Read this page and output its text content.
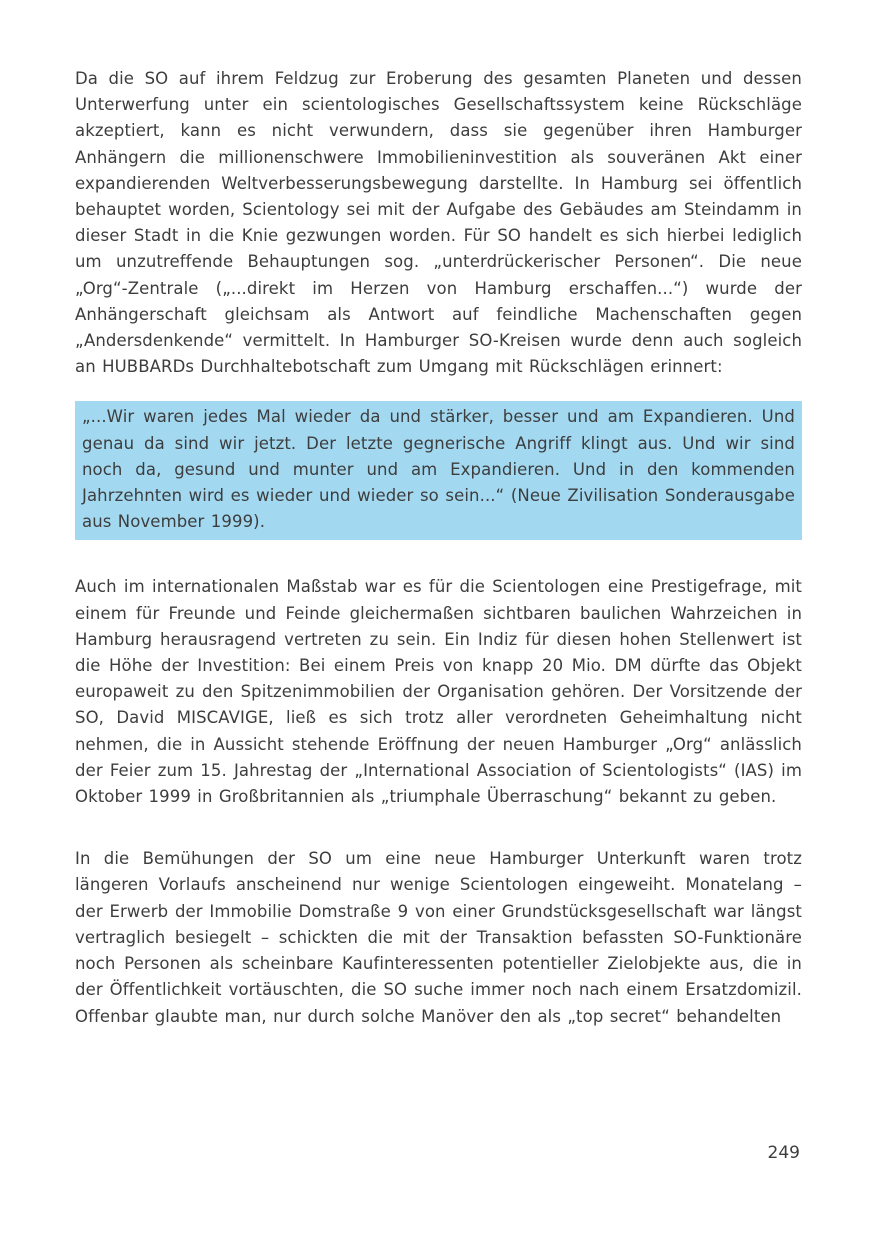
Da die SO auf ihrem Feldzug zur Eroberung des gesamten Planeten und dessen Unterwerfung unter ein scientologisches Gesellschaftssystem keine Rückschläge akzeptiert, kann es nicht verwundern, dass sie gegenüber ihren Hamburger Anhängern die millionenschwere Immobilieninvestition als souveränen Akt einer expandierenden Weltverbesserungsbewegung darstellte. In Hamburg sei öffentlich behauptet worden, Scientology sei mit der Aufgabe des Gebäudes am Steindamm in dieser Stadt in die Knie gezwungen worden. Für SO handelt es sich hierbei lediglich um unzutreffende Behauptungen sog. „unterdrückerischer Personen“. Die neue „Org“-Zentrale („...direkt im Herzen von Hamburg erschaffen...“) wurde der Anhängerschaft gleichsam als Antwort auf feindliche Machenschaften gegen „Andersdenkende“ vermittelt. In Hamburger SO-Kreisen wurde denn auch sogleich an HUBBARDs Durchhaltebotschaft zum Umgang mit Rückschlägen erinnert:

„...Wir waren jedes Mal wieder da und stärker, besser und am Expandieren. Und genau da sind wir jetzt. Der letzte gegnerische Angriff klingt aus. Und wir sind noch da, gesund und munter und am Expandieren. Und in den kommenden Jahrzehnten wird es wieder und wieder so sein...“ (Neue Zivilisation Sonderausgabe aus November 1999).

Auch im internationalen Maßstab war es für die Scientologen eine Prestigefrage, mit einem für Freunde und Feinde gleichermaßen sichtbaren baulichen Wahrzeichen in Hamburg herausragend vertreten zu sein. Ein Indiz für diesen hohen Stellenwert ist die Höhe der Investition: Bei einem Preis von knapp 20 Mio. DM dürfte das Objekt europaweit zu den Spitzenimmobilien der Organisation gehören. Der Vorsitzende der SO, David MISCAVIGE, ließ es sich trotz aller verordneten Geheimhaltung nicht nehmen, die in Aussicht stehende Eröffnung der neuen Hamburger „Org“ anlässlich der Feier zum 15. Jahrestag der „International Association of Scientologists“ (IAS) im Oktober 1999 in Großbritannien als „triumphale Überraschung“ bekannt zu geben.

In die Bemühungen der SO um eine neue Hamburger Unterkunft waren trotz längeren Vorlaufs anscheinend nur wenige Scientologen eingeweiht. Monatelang – der Erwerb der Immobilie Domstraße 9 von einer Grundstücksgesellschaft war längst vertraglich besiegelt – schickten die mit der Transaktion befassten SO-Funktionäre noch Personen als scheinbare Kaufinteressenten potentieller Zielobjekte aus, die in der Öffentlichkeit vortäuschten, die SO suche immer noch nach einem Ersatzdomizil. Offenbar glaubte man, nur durch solche Manöver den als „top secret“ behandelten

249
